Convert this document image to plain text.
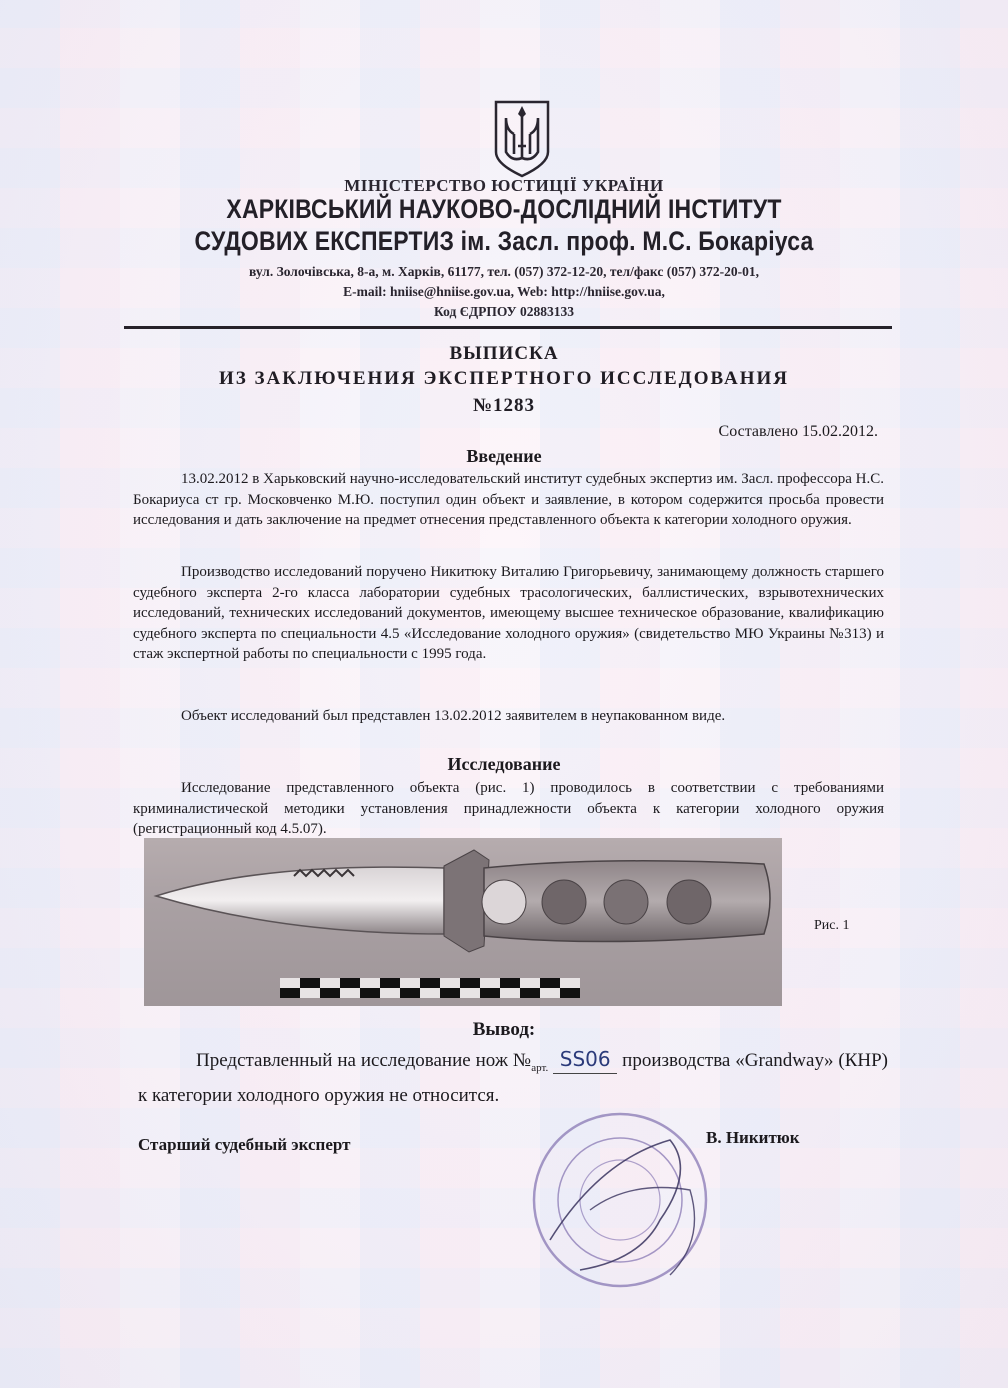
МІНІСТЕРСТВО ЮСТИЦІЇ УКРАЇНИ
ХАРКІВСЬКИЙ НАУКОВО-ДОСЛІДНИЙ ІНСТИТУТ
СУДОВИХ ЕКСПЕРТИЗ ім. Засл. проф. М.С. Бокаріуса
вул. Золочівська, 8-а, м. Харків, 61177, тел. (057) 372-12-20, тел/факс (057) 372-20-01,
E-mail: hniise@hniise.gov.ua, Web: http://hniise.gov.ua,
Код ЄДРПОУ 02883133
ВЫПИСКА
ИЗ ЗАКЛЮЧЕНИЯ ЭКСПЕРТНОГО ИССЛЕДОВАНИЯ
№1283
Составлено 15.02.2012.
Введение
13.02.2012 в Харьковский научно-исследовательский институт судебных экспертиз им. Засл. профессора Н.С. Бокариуса ст гр. Московченко М.Ю. поступил один объект и заявление, в котором содержится просьба провести исследования и дать заключение на предмет отнесения представленного объекта к категории холодного оружия.
Производство исследований поручено Никитюку Виталию Григорьевичу, занимающему должность старшего судебного эксперта 2-го класса лаборатории судебных трасологических, баллистических, взрывотехнических исследований, технических исследований документов, имеющему высшее техническое образование, квалификацию судебного эксперта по специальности 4.5 «Исследование холодного оружия» (свидетельство МЮ Украины №313) и стаж экспертной работы по специальности с 1995 года.
Объект исследований был представлен 13.02.2012 заявителем в неупакованном виде.
Исследование
Исследование представленного объекта (рис. 1) проводилось в соответствии с требованиями криминалистической методики установления принадлежности объекта к категории холодного оружия (регистрационный код 4.5.07).
Рис. 1
Вывод:
Представленный на исследование нож $№_{арт.}$ SS06 производства «Grandway» (КНР) к категории холодного оружия не относится.
Старший судебный эксперт	В. Никитюк
